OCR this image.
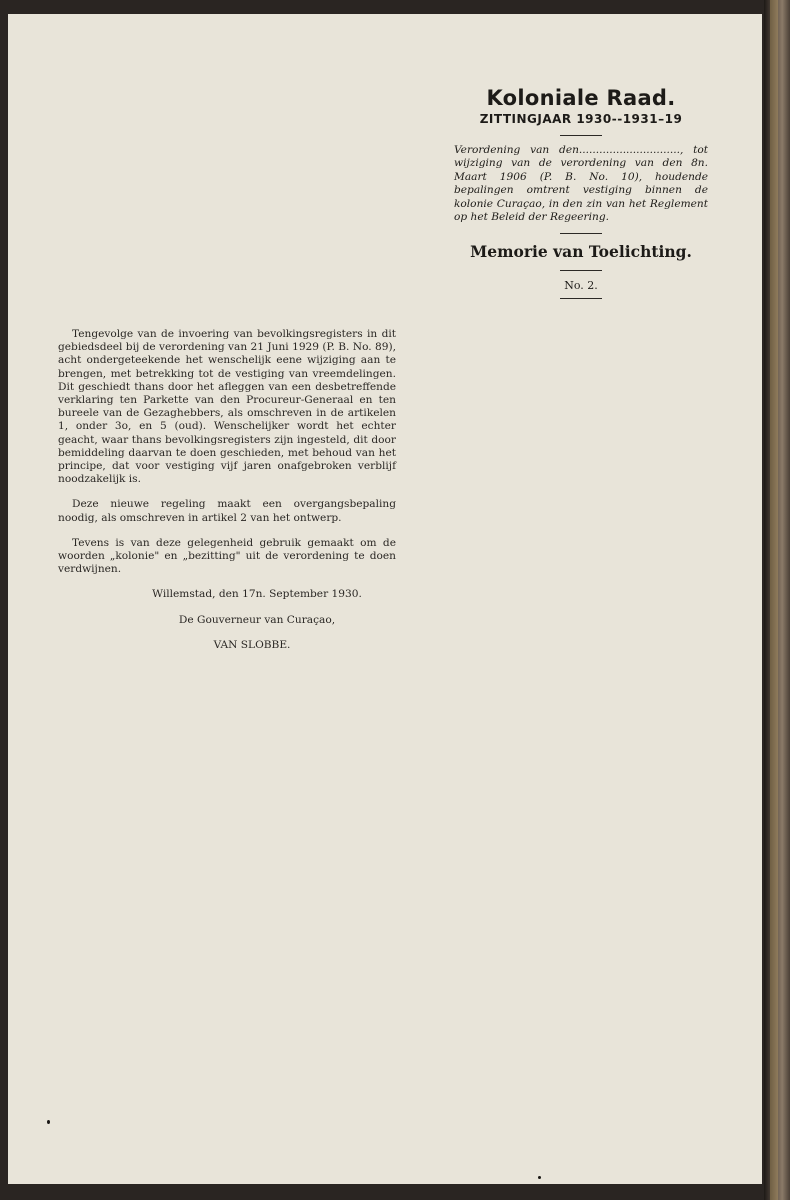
Koloniale Raad.
ZITTINGJAAR 1930--1931–19
Verordening van den.............................., tot wijziging van de verordening van den 8n. Maart 1906 (P. B. No. 10), houdende bepalingen omtrent vestiging binnen de kolonie Curaçao, in den zin van het Reglement op het Beleid der Regeering.
Memorie van Toelichting.
No. 2.

Tengevolge van de invoering van bevolkingsregisters in dit gebiedsdeel bij de verordening van 21 Juni 1929 (P. B. No. 89), acht ondergeteekende het wenschelijk eene wijziging aan te brengen, met betrekking tot de vestiging van vreemdelingen. Dit geschiedt thans door het afleggen van een desbetreffende verklaring ten Parkette van den Procureur-Generaal en ten bureele van de Gezaghebbers, als omschreven in de artikelen 1, onder 3o, en 5 (oud). Wenschelijker wordt het echter geacht, waar thans bevolkingsregisters zijn ingesteld, dit door bemiddeling daarvan te doen geschieden, met behoud van het principe, dat voor vestiging vijf jaren onafgebroken verblijf noodzakelijk is.

Deze nieuwe regeling maakt een overgangsbepaling noodig, als omschreven in artikel 2 van het ontwerp.

Tevens is van deze gelegenheid gebruik gemaakt om de woorden „kolonie" en „bezitting" uit de verordening te doen verdwijnen.

Willemstad, den 17n. September 1930.

De Gouverneur van Curaçao,

VAN SLOBBE.
